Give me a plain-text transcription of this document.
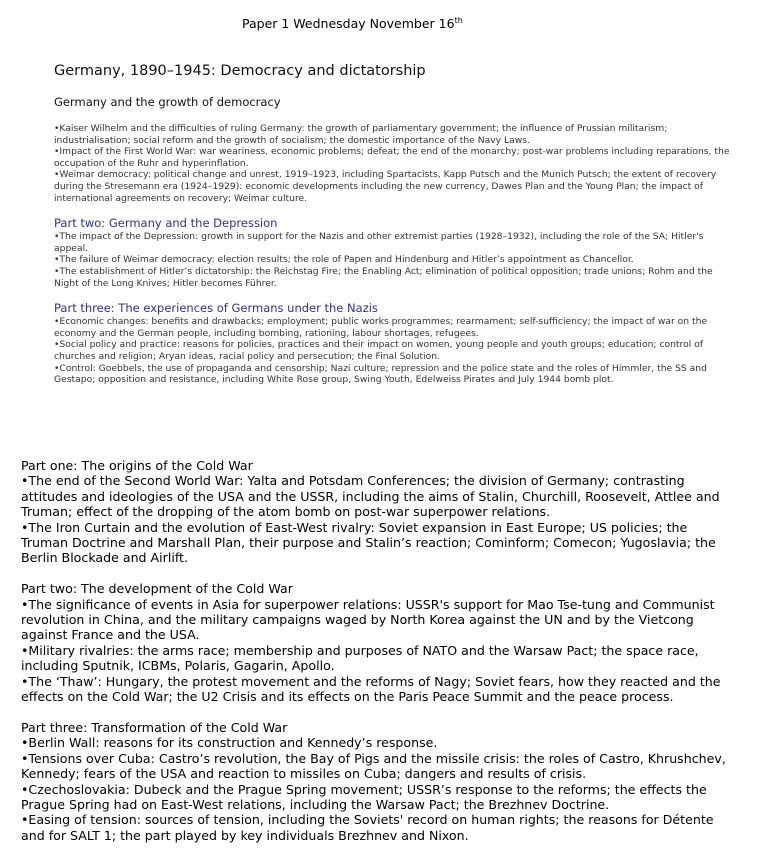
Paper 1 Wednesday November 16th
Germany, 1890–1945: Democracy and dictatorship
Germany and the growth of democracy

•Kaiser Wilhelm and the difficulties of ruling Germany: the growth of parliamentary government; the influence of Prussian militarism; industrialisation; social reform and the growth of socialism; the domestic importance of the Navy Laws.

•Impact of the First World War: war weariness, economic problems; defeat; the end of the monarchy; post-war problems including reparations, the occupation of the Ruhr and hyperinflation.

•Weimar democracy: political change and unrest, 1919–1923, including Spartacists, Kapp Putsch and the Munich Putsch; the extent of recovery during the Stresemann era (1924–1929): economic developments including the new currency, Dawes Plan and the Young Plan; the impact of international agreements on recovery; Weimar culture.

Part two: Germany and the Depression

•The impact of the Depression: growth in support for the Nazis and other extremist parties (1928–1932), including the role of the SA; Hitler's appeal.

•The failure of Weimar democracy: election results; the role of Papen and Hindenburg and Hitler’s appointment as Chancellor.

•The establishment of Hitler’s dictatorship: the Reichstag Fire; the Enabling Act; elimination of political opposition; trade unions; Rohm and the Night of the Long Knives; Hitler becomes Führer.

Part three: The experiences of Germans under the Nazis

•Economic changes: benefits and drawbacks; employment; public works programmes; rearmament; self-sufficiency; the impact of war on the economy and the German people, including bombing, rationing, labour shortages, refugees.

•Social policy and practice: reasons for policies, practices and their impact on women, young people and youth groups; education; control of churches and religion; Aryan ideas, racial policy and persecution; the Final Solution.

•Control: Goebbels, the use of propaganda and censorship; Nazi culture; repression and the police state and the roles of Himmler, the SS and Gestapo; opposition and resistance, including White Rose group, Swing Youth, Edelweiss Pirates and July 1944 bomb plot.

Part one: The origins of the Cold War

•The end of the Second World War: Yalta and Potsdam Conferences; the division of Germany; contrasting attitudes and ideologies of the USA and the USSR, including the aims of Stalin, Churchill, Roosevelt, Attlee and Truman; effect of the dropping of the atom bomb on post-war superpower relations.

•The Iron Curtain and the evolution of East-West rivalry: Soviet expansion in East Europe; US policies; the Truman Doctrine and Marshall Plan, their purpose and Stalin’s reaction; Cominform; Comecon; Yugoslavia; the Berlin Blockade and Airlift.

Part two: The development of the Cold War

•The significance of events in Asia for superpower relations: USSR's support for Mao Tse-tung and Communist revolution in China, and the military campaigns waged by North Korea against the UN and by the Vietcong against France and the USA.

•Military rivalries: the arms race; membership and purposes of NATO and the Warsaw Pact; the space race, including Sputnik, ICBMs, Polaris, Gagarin, Apollo.

•The ‘Thaw’: Hungary, the protest movement and the reforms of Nagy; Soviet fears, how they reacted and the effects on the Cold War; the U2 Crisis and its effects on the Paris Peace Summit and the peace process.

Part three: Transformation of the Cold War

•Berlin Wall: reasons for its construction and Kennedy’s response.

•Tensions over Cuba: Castro’s revolution, the Bay of Pigs and the missile crisis: the roles of Castro, Khrushchev, Kennedy; fears of the USA and reaction to missiles on Cuba; dangers and results of crisis.

•Czechoslovakia: Dubeck and the Prague Spring movement; USSR’s response to the reforms; the effects the Prague Spring had on East-West relations, including the Warsaw Pact; the Brezhnev Doctrine.

•Easing of tension: sources of tension, including the Soviets' record on human rights; the reasons for Détente and for SALT 1; the part played by key individuals Brezhnev and Nixon.
